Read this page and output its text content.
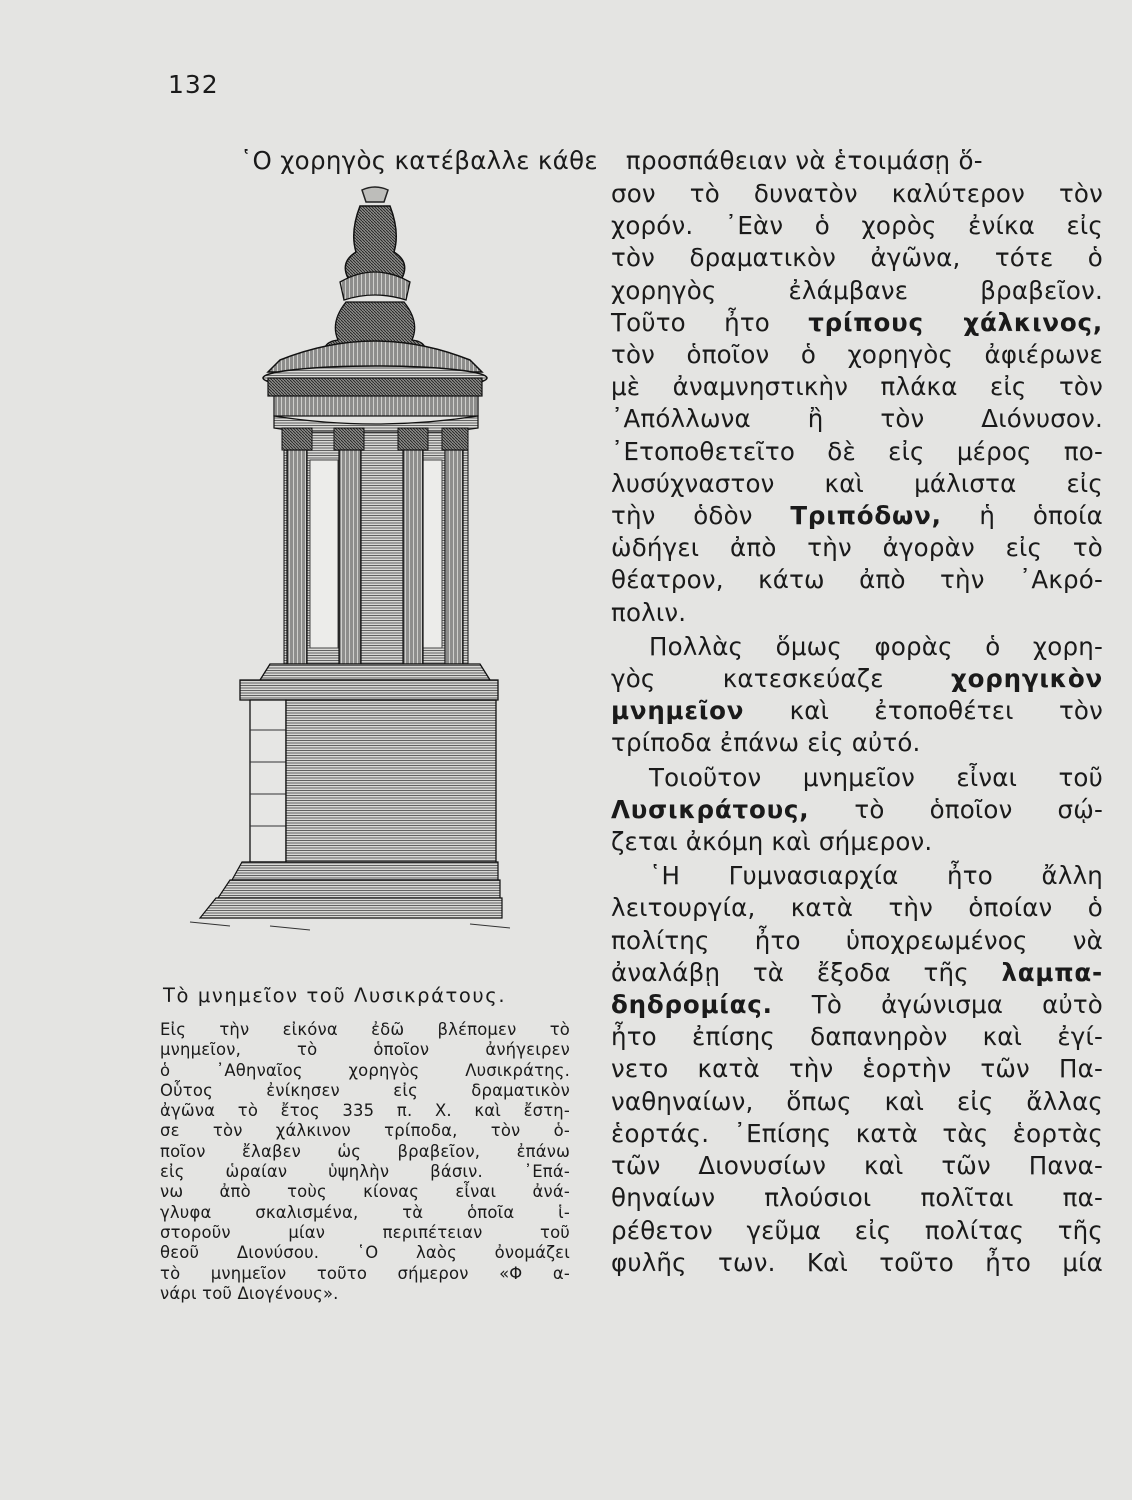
132
῾Ο χορηγὸς κατέβαλλε κάθε προσπάθειαν νὰ ἑτοιμάσῃ ὅ-
Τὸ μνημεῖον τοῦ Λυσικράτους.
Εἰς τὴν εἰκόνα ἐδῶ βλέπομεν τὸ
μνημεῖον, τὸ ὁποῖον ἀνήγειρεν
ὁ ᾿Αθηναῖος χορηγὸς Λυσικράτης.
Οὗτος ἐνίκησεν εἰς δραματικὸν
ἀγῶνα τὸ ἔτος 335 π. Χ. καὶ ἔστη-
σε τὸν χάλκινον τρίποδα, τὸν ὁ-
ποῖον ἔλαβεν ὡς βραβεῖον, ἐπάνω
εἰς ὡραίαν ὑψηλὴν βάσιν. ᾿Επά-
νω ἀπὸ τοὺς κίονας εἶναι ἀνά-
γλυφα σκαλισμένα, τὰ ὁποῖα ἱ-
στοροῦν μίαν περιπέτειαν τοῦ
θεοῦ Διονύσου. ῾Ο λαὸς ὀνομάζει
τὸ μνημεῖον τοῦτο σήμερον «Φ α-
νάρι τοῦ Διογένους».
σον τὸ δυνατὸν καλύτερον τὸν
χορόν. ᾿Εὰν ὁ χορὸς ἐνίκα εἰς
τὸν δραματικὸν ἀγῶνα, τότε ὁ
χορηγὸς ἐλάμβανε βραβεῖον.
Τοῦτο ἦτο τρίπους χάλκινος,
τὸν ὁποῖον ὁ χορηγὸς ἀφιέρωνε
μὲ ἀναμνηστικὴν πλάκα εἰς τὸν
᾿Απόλλωνα ἢ τὸν Διόνυσον.
᾿Ετοποθετεῖτο δὲ εἰς μέρος πο-
λυσύχναστον καὶ μάλιστα εἰς
τὴν ὁδὸν Τριπόδων, ἡ ὁποία
ὡδήγει ἀπὸ τὴν ἀγορὰν εἰς τὸ
θέατρον, κάτω ἀπὸ τὴν ᾿Ακρό-
πολιν.
Πολλὰς ὅμως φορὰς ὁ χορη-
γὸς κατεσκεύαζε	χορηγικὸν
μνημεῖον καὶ ἐτοποθέτει τὸν
τρίποδα ἐπάνω εἰς αὐτό.
Τοιοῦτον μνημεῖον εἶναι τοῦ
Λυσικράτους, τὸ ὁποῖον σῴ-
ζεται ἀκόμη καὶ σήμερον.
῾Η Γυμνασιαρχία ἦτο ἄλλη
λειτουργία, κατὰ τὴν ὁποίαν ὁ
πολίτης ἦτο ὑποχρεωμένος νὰ
ἀναλάβῃ τὰ ἔξοδα τῆς λαμπα-
δηδρομίας. Τὸ ἀγώνισμα αὐτὸ
ἦτο ἐπίσης δαπανηρὸν καὶ ἐγί-
νετο κατὰ τὴν ἑορτὴν τῶν Πα-
ναθηναίων, ὅπως καὶ εἰς ἄλλας
ἑορτάς. ᾿Επίσης κατὰ τὰς ἑορτὰς
τῶν Διονυσίων καὶ τῶν Πανα-
θηναίων πλούσιοι πολῖται πα-
ρέθετον γεῦμα εἰς πολίτας τῆς
φυλῆς των. Καὶ τοῦτο ἦτο μία
